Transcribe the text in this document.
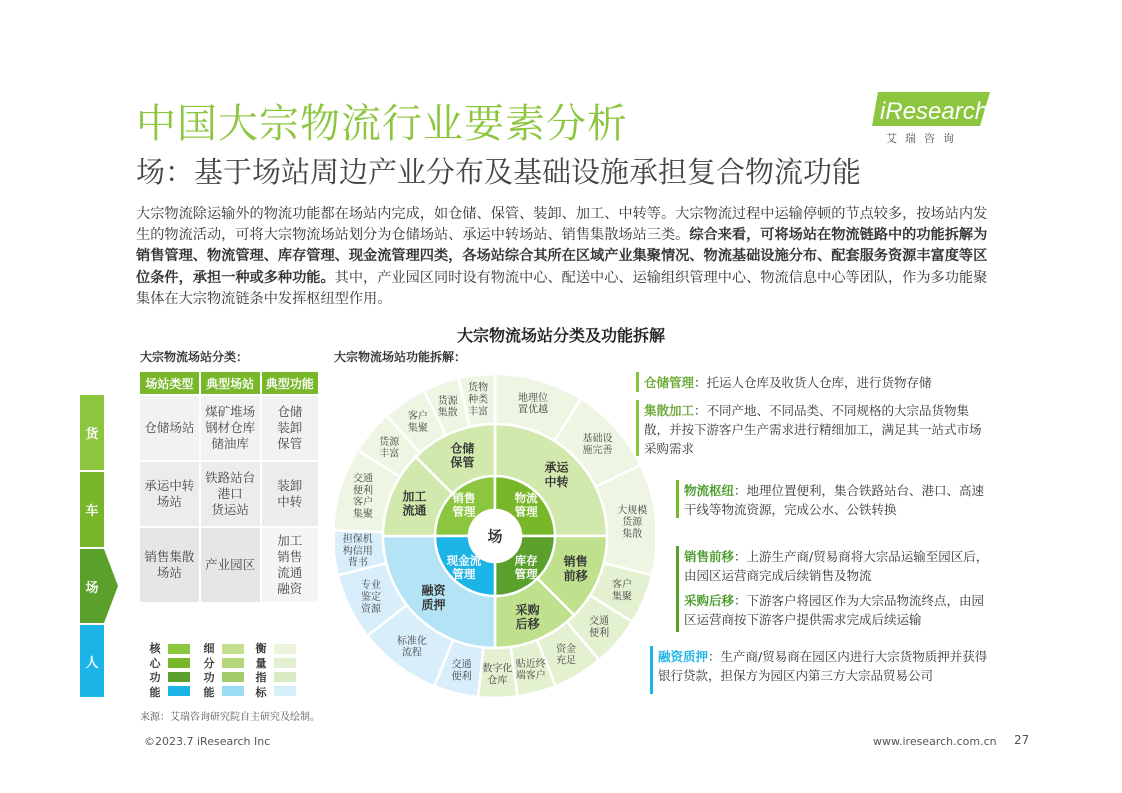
中国大宗物流行业要素分析
场：基于场站周边产业分布及基础设施承担复合物流功能
iResearch
艾瑞咨询
大宗物流除运输外的物流功能都在场站内完成，如仓储、保管、装卸、加工、中转等。大宗物流过程中运输停顿的节点较多，按场站内发生的物流活动，可将大宗物流场站划分为仓储场站、承运中转场站、销售集散场站三类。综合来看，可将场站在物流链路中的功能拆解为销售管理、物流管理、库存管理、现金流管理四类，各场站综合其所在区域产业集聚情况、物流基础设施分布、配套服务资源丰富度等区位条件，承担一种或多种功能。其中，产业园区同时设有物流中心、配送中心、运输组织管理中心、物流信息中心等团队，作为多功能聚集体在大宗物流链条中发挥枢纽型作用。
大宗物流场站分类及功能拆解
大宗物流场站分类：	大宗物流场站功能拆解：
货
车
场
人
场站类型	典型场站	典型功能
仓储场站	煤矿堆场
钢材仓库
储油库	仓储
装卸
保管
承运中转
场站	铁路站台
港口
货运站	装卸
中转
销售集散
场站	产业园区	加工
销售
流通
融资
核心功能
细分功能
衡量指标
场
销售管理
物流管理
库存管理
现金流管理
承运中转
销售前移
采购后移
融资质押
加工流通
仓储保管
地理位置优越
基础设施完善
大规模货源集散
客户集聚
交通便利
资金充足
贴近终端客户
数字化仓库
交通便利
标准化流程
专业鉴定资源
担保机构信用背书
交通便利客户集聚
货源丰富
客户集聚
货源集散
货物种类丰富
仓储管理：托运人仓库及收货人仓库，进行货物存储
集散加工：不同产地、不同品类、不同规格的大宗品货物集散，并按下游客户生产需求进行精细加工，满足其一站式市场采购需求
物流枢纽：地理位置便利，集合铁路站台、港口、高速干线等物流资源，完成公水、公铁转换
销售前移：上游生产商/贸易商将大宗品运输至园区后，由园区运营商完成后续销售及物流
采购后移：下游客户将园区作为大宗品物流终点，由园区运营商按下游客户提供需求完成后续运输
融资质押：生产商/贸易商在园区内进行大宗货物质押并获得银行贷款，担保方为园区内第三方大宗品贸易公司
来源：艾瑞咨询研究院自主研究及绘制。
©2023.7 iResearch Inc	www.iresearch.com.cn 27
